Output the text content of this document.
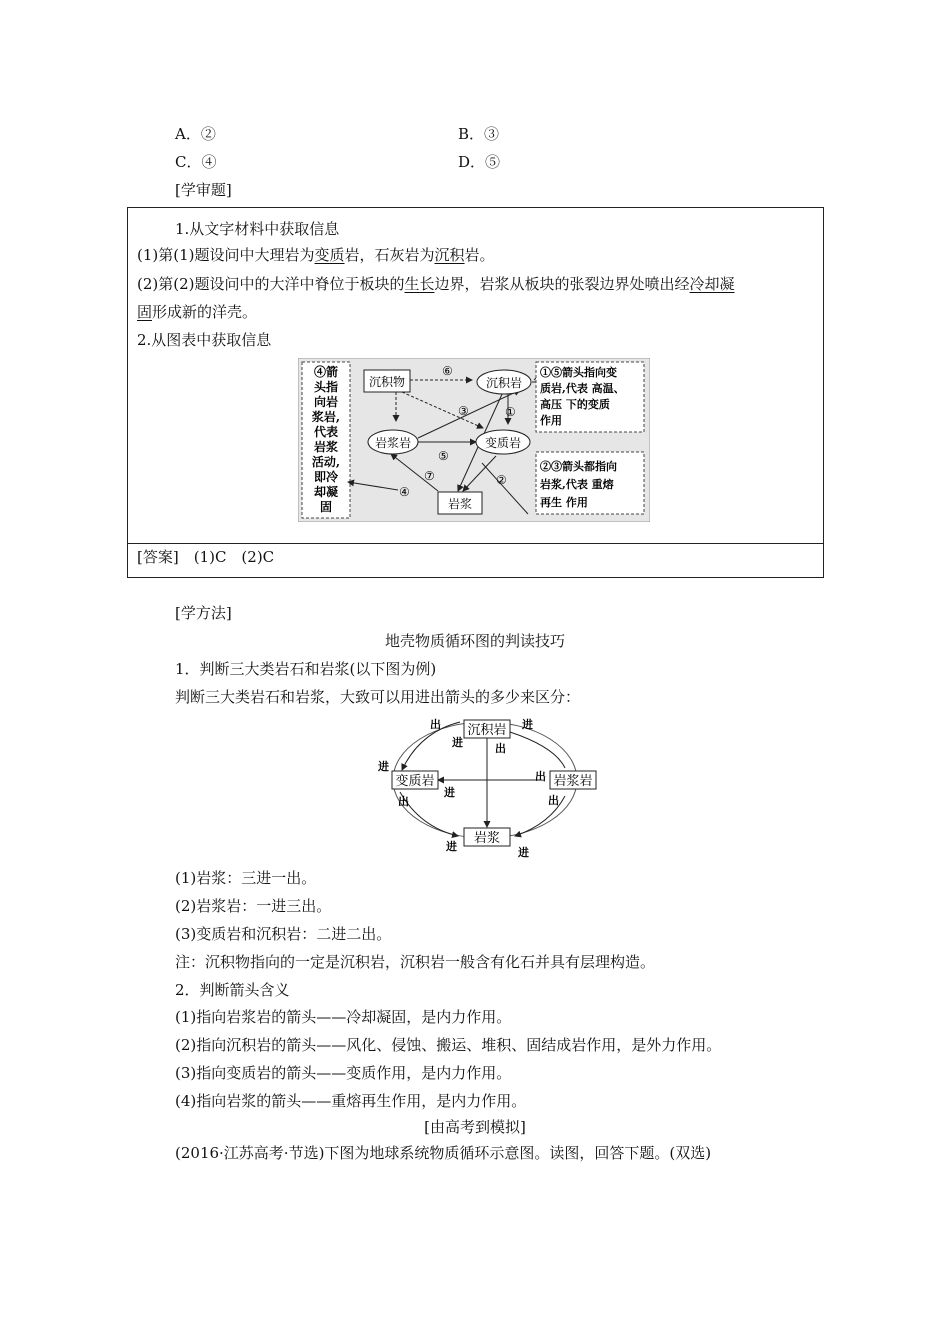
A．②	B．③
C．④	D．⑤
[学审题]
1.从文字材料中获取信息
(1)第(1)题设问中大理岩为变质岩，石灰岩为沉积岩。
(2)第(2)题设问中的大洋中脊位于板块的生长边界，岩浆从板块的张裂边界处喷出经冷却凝
固形成新的洋壳。
2.从图表中获取信息
④箭
头指
向岩
浆岩,
代表
岩浆
活动,
即冷
却凝
固
沉积物	沉积岩
岩浆岩	变质岩
岩浆
⑥
③	①
⑤
⑦
④
②
①⑤箭头指向变
质岩,代表 高温、
高压 下的变质
作用
②③箭头都指向
岩浆,代表 重熔
再生 作用
[答案]　(1)C　(2)C
[学方法]
地壳物质循环图的判读技巧
1．判断三大类岩石和岩浆(以下图为例)
判断三大类岩石和岩浆，大致可以用进出箭头的多少来区分：
沉积岩
变质岩	岩浆岩
岩浆
出
进
进
出
进
出
进
出
出
进	进
(1)岩浆：三进一出。
(2)岩浆岩：一进三出。
(3)变质岩和沉积岩：二进二出。
注：沉积物指向的一定是沉积岩，沉积岩一般含有化石并具有层理构造。
2．判断箭头含义
(1)指向岩浆岩的箭头——冷却凝固，是内力作用。
(2)指向沉积岩的箭头——风化、侵蚀、搬运、堆积、固结成岩作用，是外力作用。
(3)指向变质岩的箭头——变质作用，是内力作用。
(4)指向岩浆的箭头——重熔再生作用，是内力作用。
[由高考到模拟]
(2016·江苏高考·节选)下图为地球系统物质循环示意图。读图，回答下题。(双选)
